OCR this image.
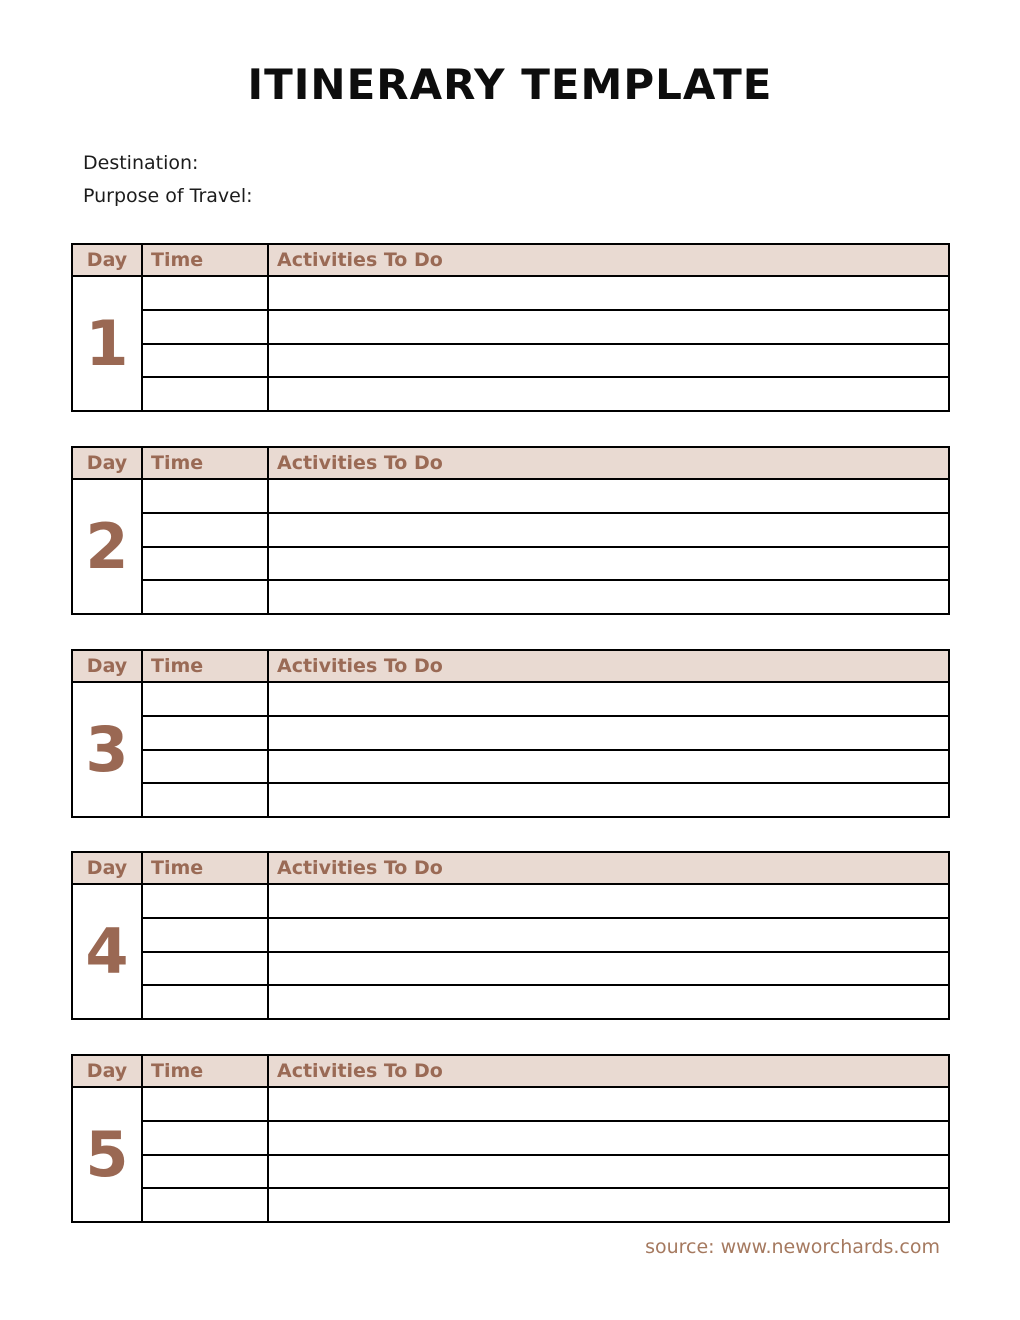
ITINERARY TEMPLATE
Destination:
Purpose of Travel:
Day	Time	Activities To Do
1		

Day	Time	Activities To Do
2		

Day	Time	Activities To Do
3		

Day	Time	Activities To Do
4		

Day	Time	Activities To Do
5		

source: www.neworchards.com
